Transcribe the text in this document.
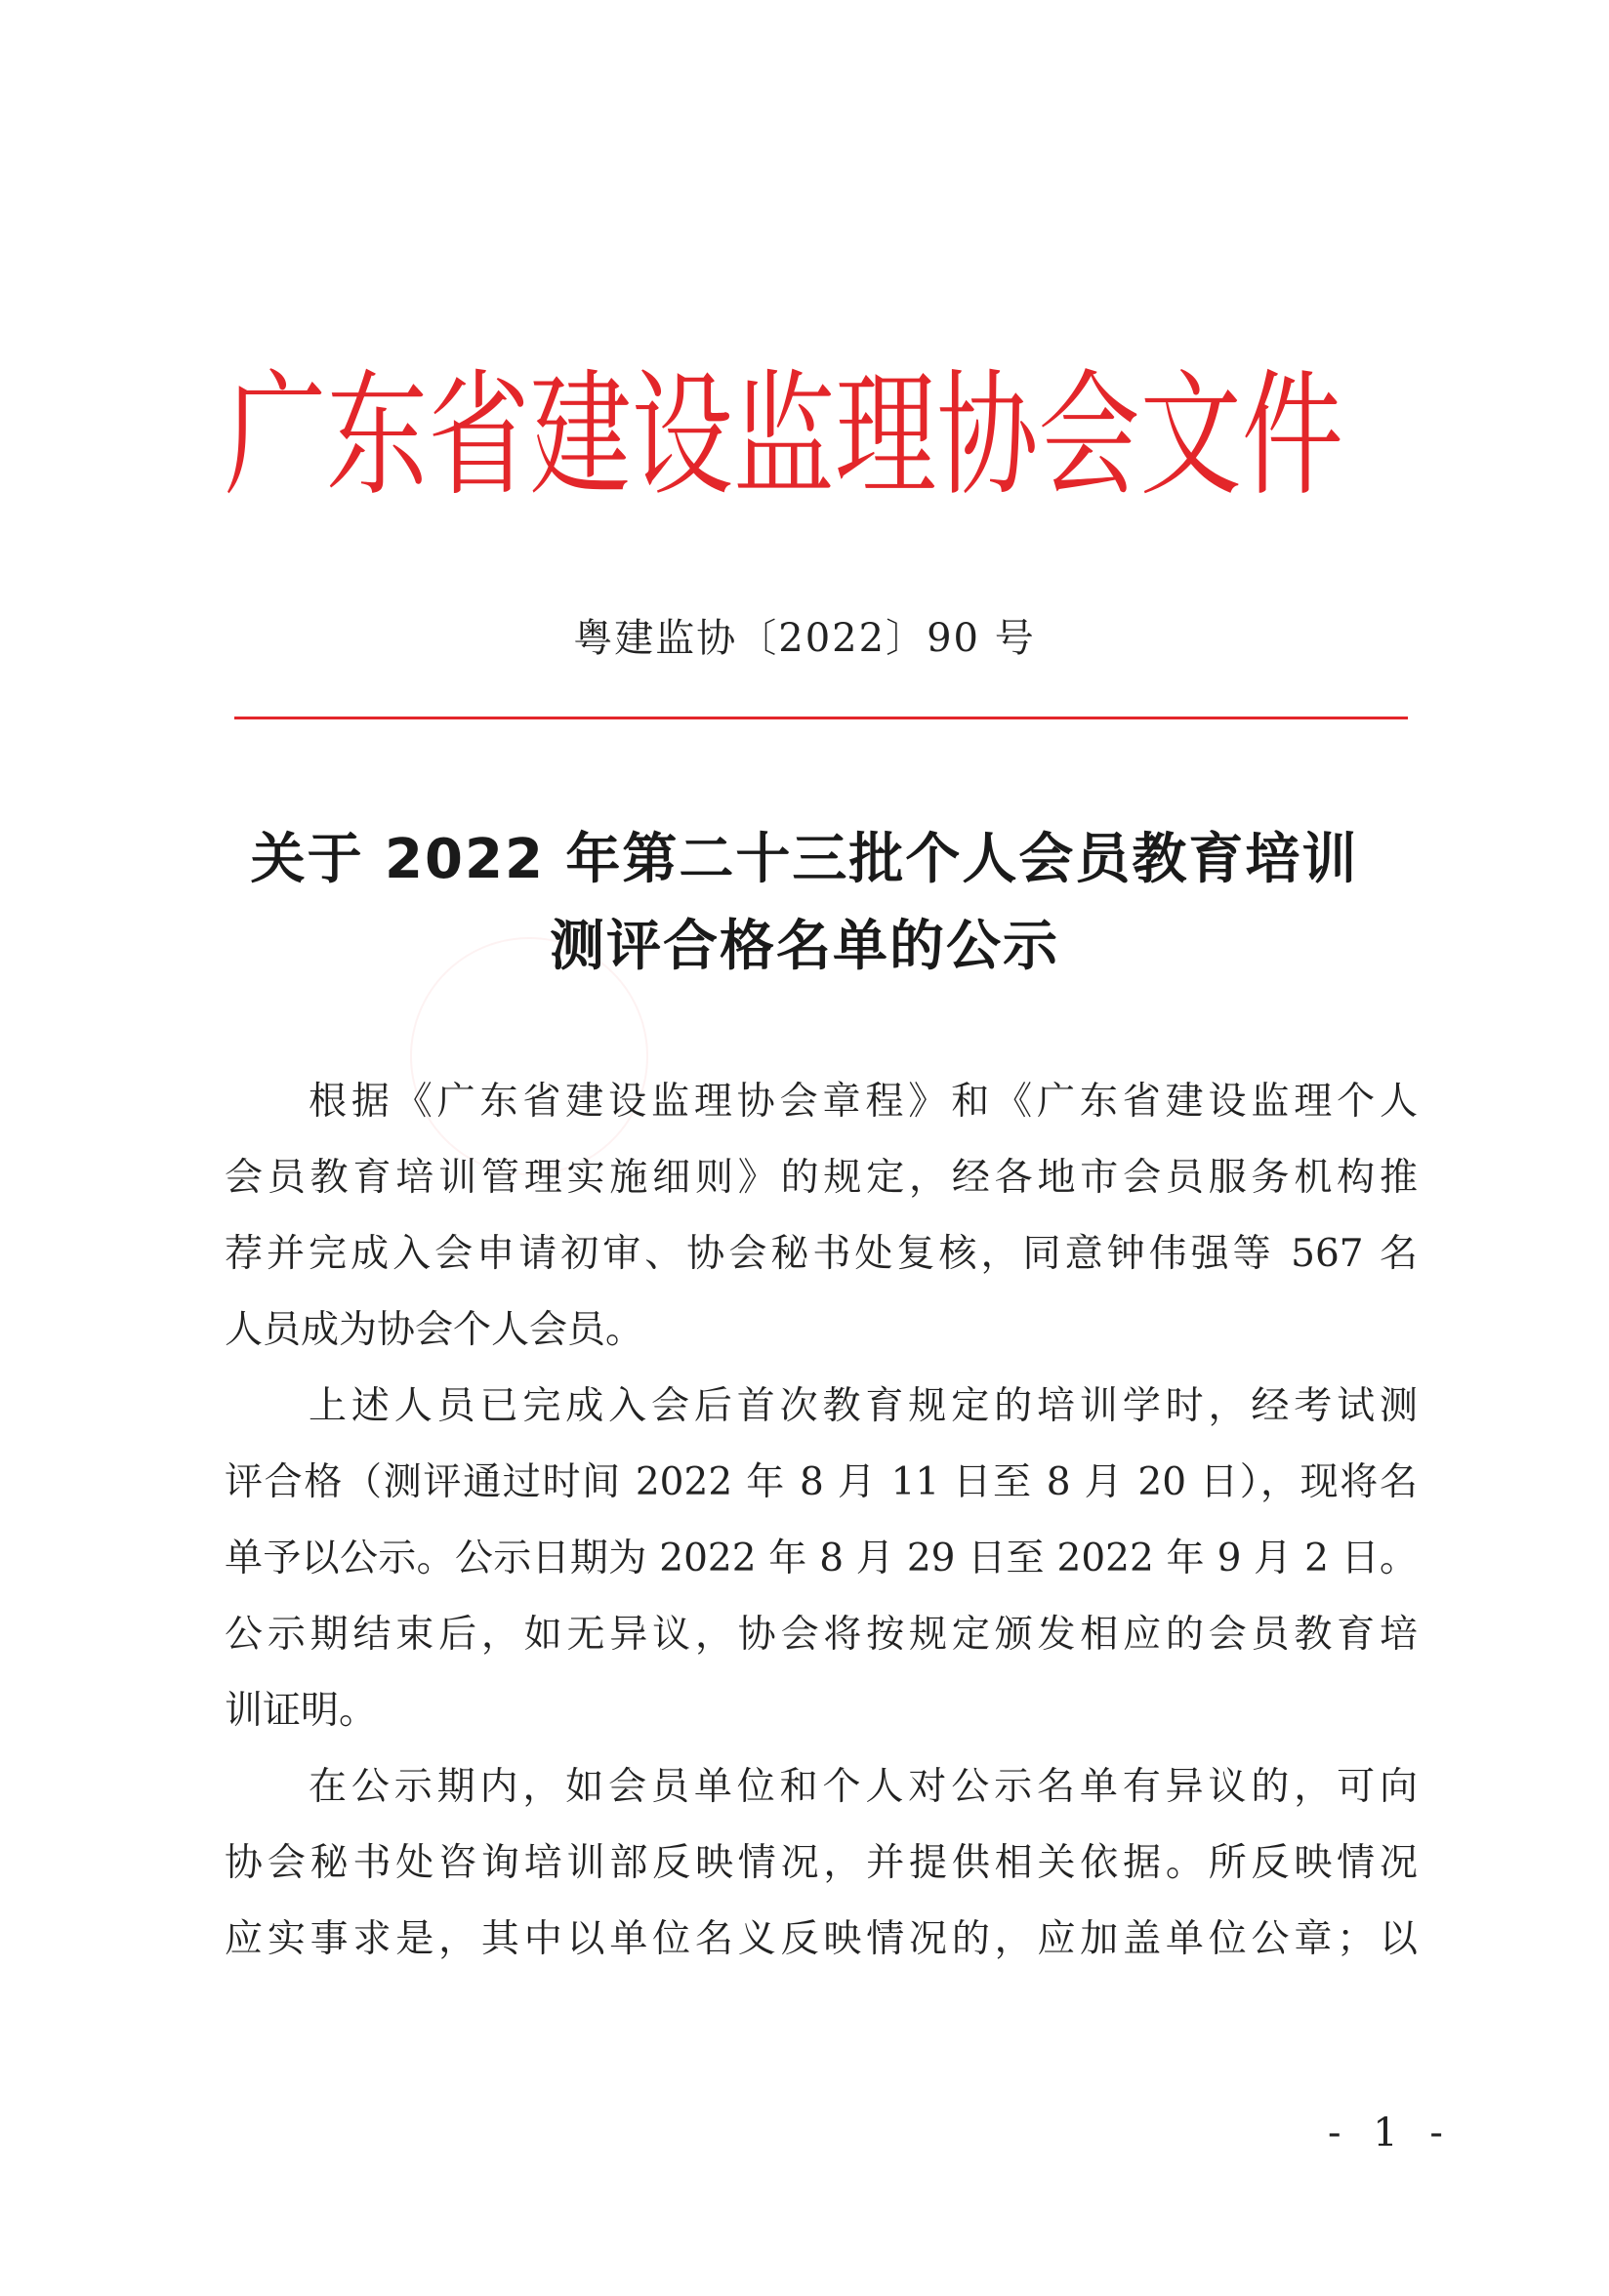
广 东 省 建 设 监 理 协 会 文 件
粤建监协〔2022〕90 号
关于 2022 年第二十三批个人会员教育培训
测评合格名单的公示
根据《广东省建设监理协会章程》和《广东省建设监理个人
会员教育培训管理实施细则》的规定，经各地市会员服务机构推
荐并完成入会申请初审、协会秘书处复核，同意钟伟强等 567 名
人员成为协会个人会员。
上述人员已完成入会后首次教育规定的培训学时，经考试测
评合格（测评通过时间 2022 年 8 月 11 日至 8 月 20 日），现将名
单予以公示。公示日期为 2022 年 8 月 29 日至 2022 年 9 月 2 日。
公示期结束后，如无异议，协会将按规定颁发相应的会员教育培
训证明。
在公示期内，如会员单位和个人对公示名单有异议的，可向
协会秘书处咨询培训部反映情况，并提供相关依据。所反映情况
应实事求是，其中以单位名义反映情况的，应加盖单位公章；以
- 1 -
